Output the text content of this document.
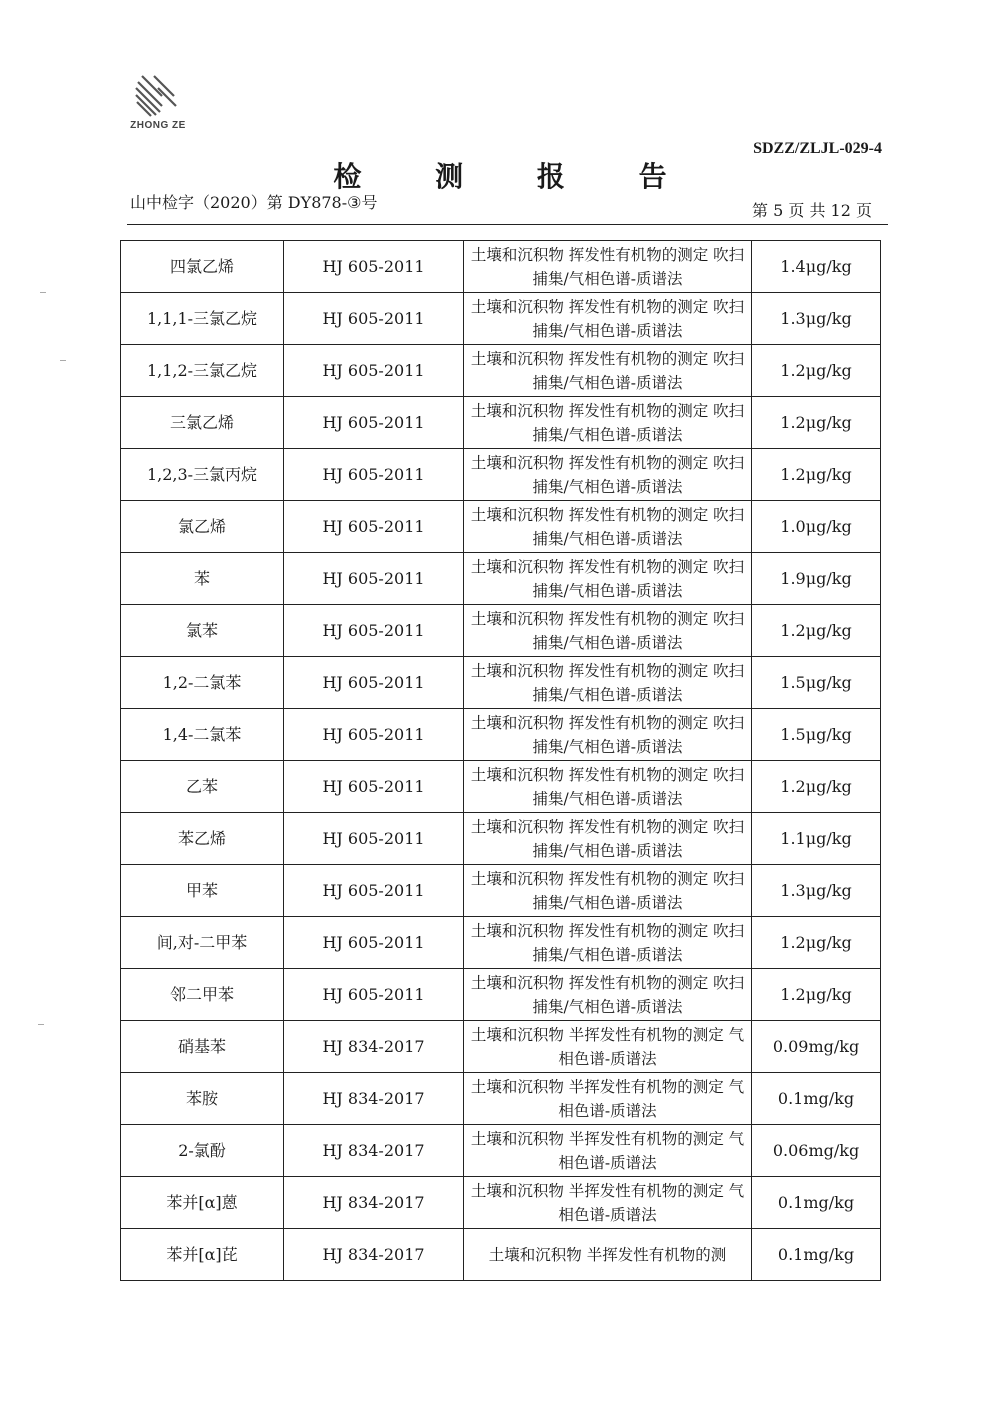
ZHONG ZE
SDZZ/ZLJL-029-4
检 测 报 告
山中检字（2020）第 DY878-③号	第 5 页 共 12 页
四氯乙烯	HJ 605-2011	土壤和沉积物 挥发性有机物的测定 吹扫捕集/气相色谱-质谱法	1.4μg/kg
1,1,1-三氯乙烷	HJ 605-2011	土壤和沉积物 挥发性有机物的测定 吹扫捕集/气相色谱-质谱法	1.3μg/kg
1,1,2-三氯乙烷	HJ 605-2011	土壤和沉积物 挥发性有机物的测定 吹扫捕集/气相色谱-质谱法	1.2μg/kg
三氯乙烯	HJ 605-2011	土壤和沉积物 挥发性有机物的测定 吹扫捕集/气相色谱-质谱法	1.2μg/kg
1,2,3-三氯丙烷	HJ 605-2011	土壤和沉积物 挥发性有机物的测定 吹扫捕集/气相色谱-质谱法	1.2μg/kg
氯乙烯	HJ 605-2011	土壤和沉积物 挥发性有机物的测定 吹扫捕集/气相色谱-质谱法	1.0μg/kg
苯	HJ 605-2011	土壤和沉积物 挥发性有机物的测定 吹扫捕集/气相色谱-质谱法	1.9μg/kg
氯苯	HJ 605-2011	土壤和沉积物 挥发性有机物的测定 吹扫捕集/气相色谱-质谱法	1.2μg/kg
1,2-二氯苯	HJ 605-2011	土壤和沉积物 挥发性有机物的测定 吹扫捕集/气相色谱-质谱法	1.5μg/kg
1,4-二氯苯	HJ 605-2011	土壤和沉积物 挥发性有机物的测定 吹扫捕集/气相色谱-质谱法	1.5μg/kg
乙苯	HJ 605-2011	土壤和沉积物 挥发性有机物的测定 吹扫捕集/气相色谱-质谱法	1.2μg/kg
苯乙烯	HJ 605-2011	土壤和沉积物 挥发性有机物的测定 吹扫捕集/气相色谱-质谱法	1.1μg/kg
甲苯	HJ 605-2011	土壤和沉积物 挥发性有机物的测定 吹扫捕集/气相色谱-质谱法	1.3μg/kg
间,对-二甲苯	HJ 605-2011	土壤和沉积物 挥发性有机物的测定 吹扫捕集/气相色谱-质谱法	1.2μg/kg
邻二甲苯	HJ 605-2011	土壤和沉积物 挥发性有机物的测定 吹扫捕集/气相色谱-质谱法	1.2μg/kg
硝基苯	HJ 834-2017	土壤和沉积物 半挥发性有机物的测定 气相色谱-质谱法	0.09mg/kg
苯胺	HJ 834-2017	土壤和沉积物 半挥发性有机物的测定 气相色谱-质谱法	0.1mg/kg
2-氯酚	HJ 834-2017	土壤和沉积物 半挥发性有机物的测定 气相色谱-质谱法	0.06mg/kg
苯并[α]蒽	HJ 834-2017	土壤和沉积物 半挥发性有机物的测定 气相色谱-质谱法	0.1mg/kg
苯并[α]芘	HJ 834-2017	土壤和沉积物 半挥发性有机物的测	0.1mg/kg
